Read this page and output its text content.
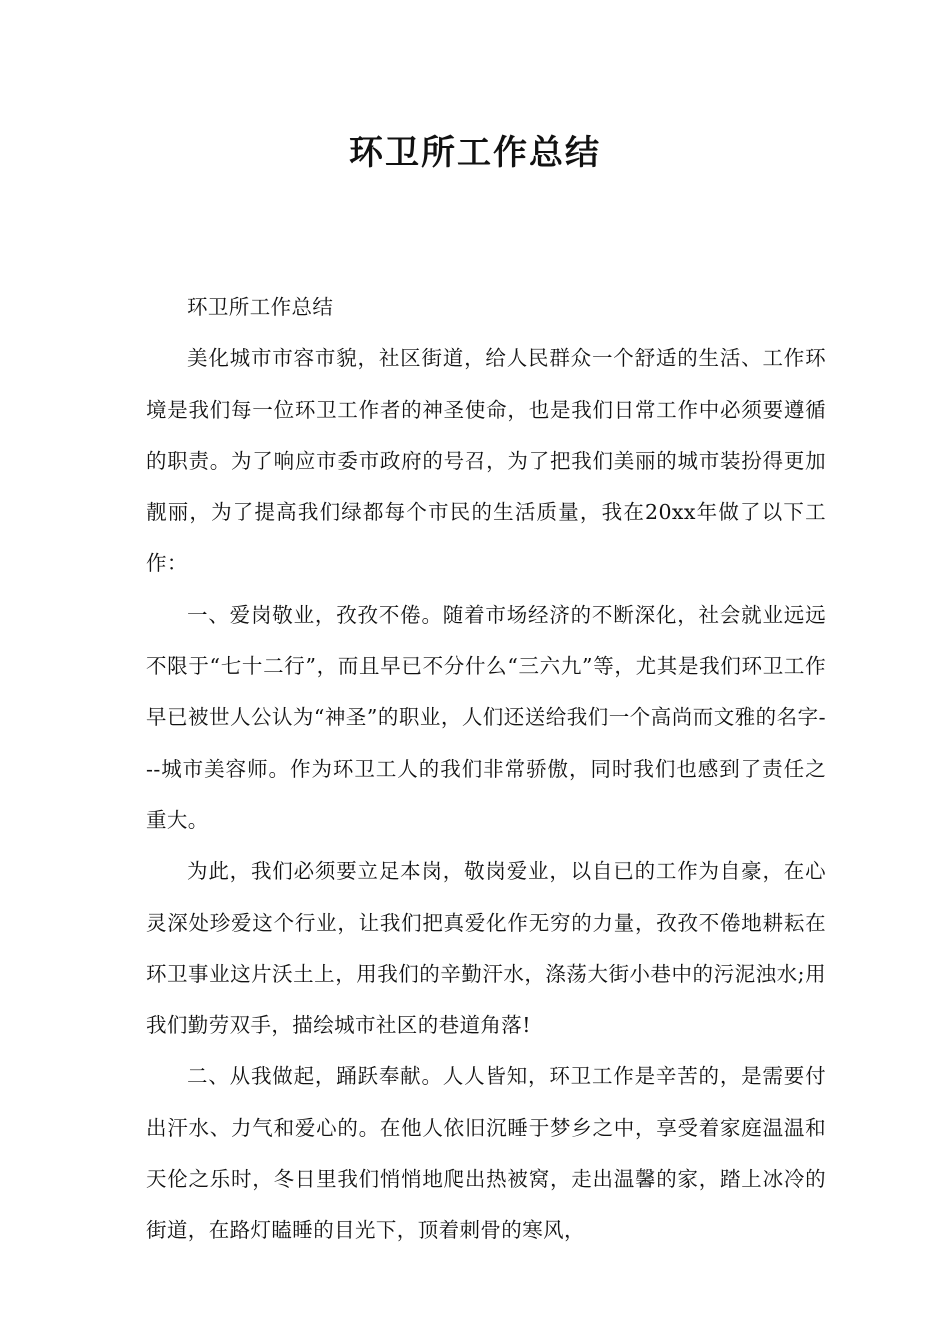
环卫所工作总结

环卫所工作总结

美化城市市容市貌，社区街道，给人民群众一个舒适的生活、工作环境是我们每一位环卫工作者的神圣使命，也是我们日常工作中必须要遵循的职责。为了响应市委市政府的号召，为了把我们美丽的城市装扮得更加靓丽，为了提高我们绿都每个市民的生活质量，我在20xx年做了以下工作：

一、爱岗敬业，孜孜不倦。随着市场经济的不断深化，社会就业远远不限于“七十二行”，而且早已不分什么“三六九”等，尤其是我们环卫工作早已被世人公认为“神圣”的职业，人们还送给我们一个高尚而文雅的名字---城市美容师。作为环卫工人的我们非常骄傲，同时我们也感到了责任之重大。

为此，我们必须要立足本岗，敬岗爱业，以自已的工作为自豪，在心灵深处珍爱这个行业，让我们把真爱化作无穷的力量，孜孜不倦地耕耘在环卫事业这片沃土上，用我们的辛勤汗水，涤荡大街小巷中的污泥浊水;用我们勤劳双手，描绘城市社区的巷道角落!

二、从我做起，踊跃奉献。人人皆知，环卫工作是辛苦的，是需要付出汗水、力气和爱心的。在他人依旧沉睡于梦乡之中，享受着家庭温温和天伦之乐时，冬日里我们悄悄地爬出热被窝，走出温馨的家，踏上冰冷的街道，在路灯瞌睡的目光下，顶着刺骨的寒风，
